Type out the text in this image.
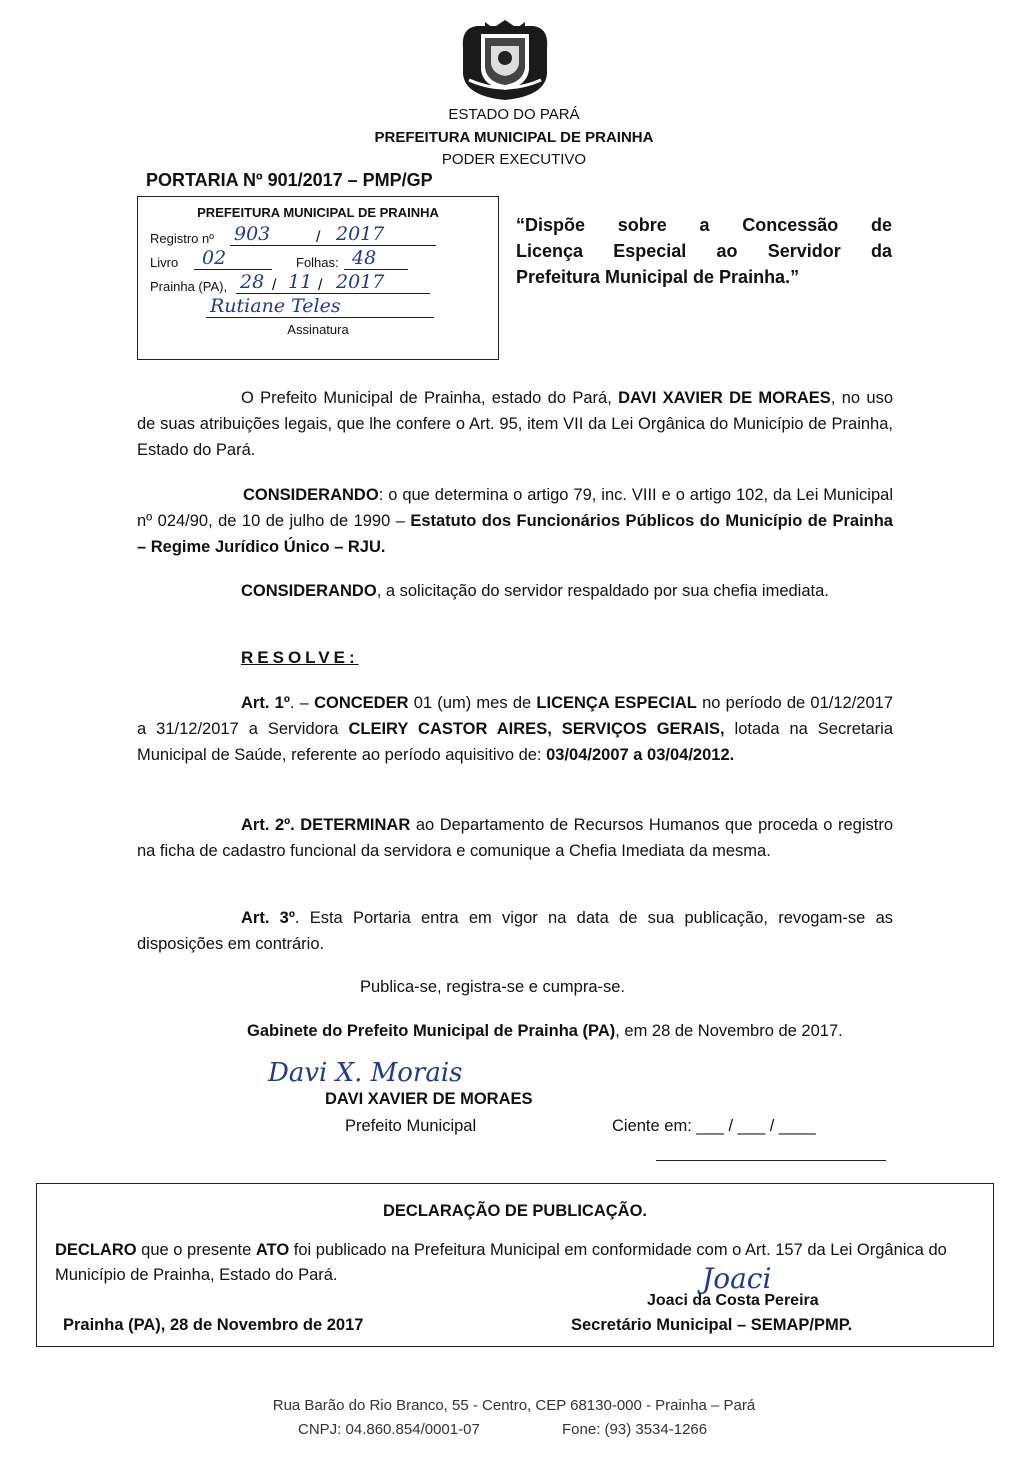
ESTADO DO PARÁ
PREFEITURA MUNICIPAL DE PRAINHA
PODER EXECUTIVO
PORTARIA Nº 901/2017 – PMP/GP
PREFEITURA MUNICIPAL DE PRAINHA
Registro nº 903	/ 2017
Livro 02	Folhas: 48
Prainha (PA), 28 / 11 / 2017
Rutiane Teles
Assinatura
“Dispõe sobre a Concessão de
Licença Especial ao Servidor da
Prefeitura Municipal de Prainha.”
O Prefeito Municipal de Prainha, estado do Pará, DAVI XAVIER DE MORAES, no uso de suas atribuições legais, que lhe confere o Art. 95, item VII da Lei Orgânica do Município de Prainha, Estado do Pará.
CONSIDERANDO: o que determina o artigo 79, inc. VIII e o artigo 102, da Lei Municipal nº 024/90, de 10 de julho de 1990 – Estatuto dos Funcionários Públicos do Município de Prainha – Regime Jurídico Único – RJU.
CONSIDERANDO, a solicitação do servidor respaldado por sua chefia imediata.
RESOLVE:
Art. 1º. – CONCEDER 01 (um) mes de LICENÇA ESPECIAL no período de 01/12/2017 a 31/12/2017 a Servidora CLEIRY CASTOR AIRES, SERVIÇOS GERAIS, lotada na Secretaria Municipal de Saúde, referente ao período aquisitivo de: 03/04/2007 a 03/04/2012.
Art. 2º. DETERMINAR ao Departamento de Recursos Humanos que proceda o registro na ficha de cadastro funcional da servidora e comunique a Chefia Imediata da mesma.
Art. 3º. Esta Portaria entra em vigor na data de sua publicação, revogam-se as disposições em contrário.
Publica-se, registra-se e cumpra-se.
Gabinete do Prefeito Municipal de Prainha (PA), em 28 de Novembro de 2017.
Davi X. Morais
DAVI XAVIER DE MORAES
Prefeito Municipal	Ciente em: ___ / ___ / ____
DECLARAÇÃO DE PUBLICAÇÃO.
DECLARO que o presente ATO foi publicado na Prefeitura Municipal em conformidade com o Art. 157 da Lei Orgânica do Município de Prainha, Estado do Pará.	Joaci
Joaci da Costa Pereira
Prainha (PA), 28 de Novembro de 2017	Secretário Municipal – SEMAP/PMP.
Rua Barão do Rio Branco, 55 - Centro, CEP 68130-000 - Prainha – Pará
CNPJ: 04.860.854/0001-07	Fone: (93) 3534-1266
